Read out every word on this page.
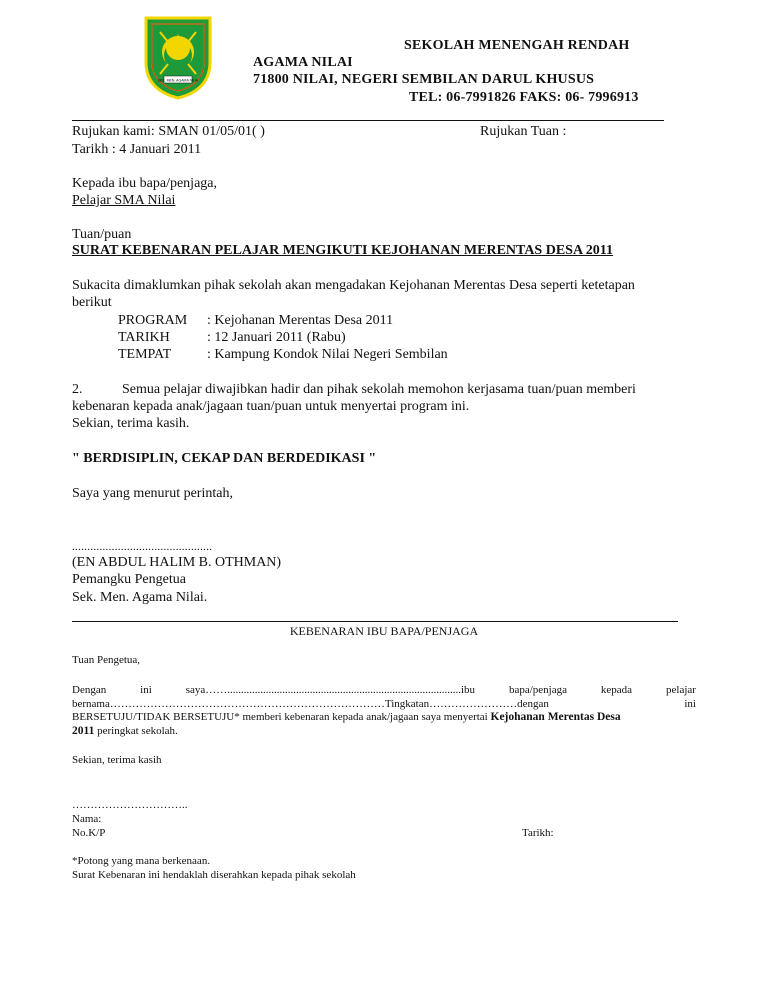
SEK. MEN. AGAMA NILAI
SEKOLAH MENENGAH RENDAH
AGAMA NILAI
71800 NILAI, NEGERI SEMBILAN DARUL KHUSUS
TEL: 06-7991826 FAKS: 06- 7996913
Rujukan kami: SMAN 01/05/01( )	Rujukan Tuan :
Tarikh : 4 Januari 2011
Kepada ibu bapa/penjaga,
Pelajar SMA Nilai
Tuan/puan
SURAT KEBENARAN PELAJAR MENGIKUTI KEJOHANAN MERENTAS DESA 2011
Sukacita dimaklumkan pihak sekolah akan mengadakan Kejohanan Merentas Desa seperti ketetapan
berikut
PROGRAM : Kejohanan Merentas Desa 2011
TARIKH	: 12 Januari 2011 (Rabu)
TEMPAT	: Kampung Kondok Nilai Negeri Sembilan
2.	Semua pelajar diwajibkan hadir dan pihak sekolah memohon kerjasama tuan/puan memberi
kebenaran kepada anak/jagaan tuan/puan untuk menyertai program ini.
Sekian, terima kasih.
" BERDISIPLIN, CEKAP DAN BERDEDIKASI "
Saya yang menurut perintah,
..............................................
(EN ABDUL HALIM B. OTHMAN)
Pemangku Pengetua
Sek. Men. Agama Nilai.
KEBENARAN IBU BAPA/PENJAGA
Tuan Pengetua,
Dengan	ini	saya…….....................................................................................ibu	bapa/penjaga	kepada	pelajar
bernama…………………………………………………………………Tingkatan……………………dengan	ini
BERSETUJU/TIDAK BERSETUJU* memberi kebenaran kepada anak/jagaan saya menyertai Kejohanan Merentas Desa
2011 peringkat sekolah.
Sekian, terima kasih
…………………………..
Nama:
No.K/P	Tarikh:
*Potong yang mana berkenaan.
Surat Kebenaran ini hendaklah diserahkan kepada pihak sekolah
